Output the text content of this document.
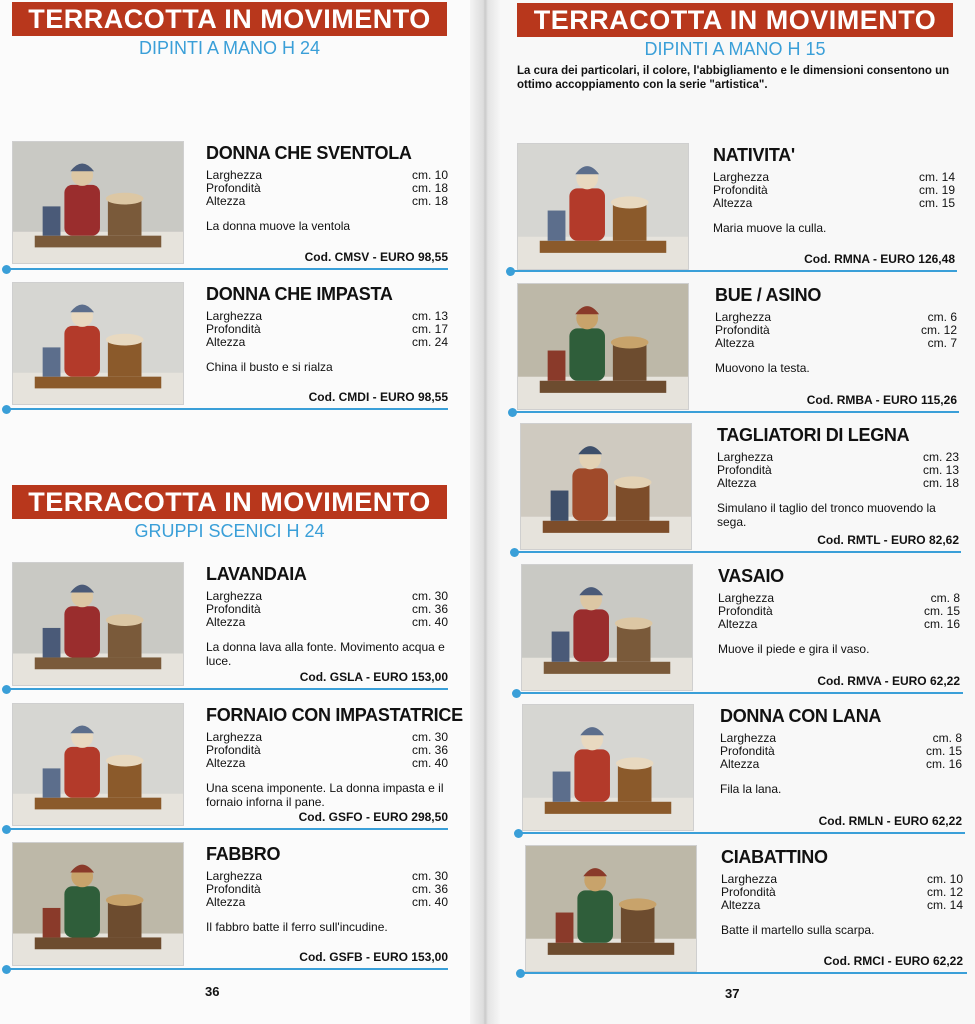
TERRACOTTA IN MOVIMENTO
DIPINTI A MANO H 24
DONNA CHE SVENTOLA
Larghezza	cm. 10
Profondità	cm. 18
Altezza	cm. 18
La donna muove la ventola
Cod. CMSV - EURO 98,55
DONNA CHE IMPASTA
Larghezza	cm. 13
Profondità	cm. 17
Altezza	cm. 24
China il busto e si rialza
Cod. CMDI - EURO 98,55
TERRACOTTA IN MOVIMENTO
GRUPPI SCENICI H 24
LAVANDAIA
Larghezza	cm. 30
Profondità	cm. 36
Altezza	cm. 40
La donna lava alla fonte. Movimento acqua e luce.
Cod. GSLA - EURO 153,00
FORNAIO CON IMPASTATRICE
Larghezza	cm. 30
Profondità	cm. 36
Altezza	cm. 40
Una scena imponente. La donna impasta e il fornaio inforna il pane.
Cod. GSFO - EURO 298,50
FABBRO
Larghezza	cm. 30
Profondità	cm. 36
Altezza	cm. 40
Il fabbro batte il ferro sull'incudine.
Cod. GSFB - EURO 153,00
36
TERRACOTTA IN MOVIMENTO
DIPINTI A MANO H 15
La cura dei particolari, il colore, l'abbigliamento e le dimensioni consentono un ottimo accoppiamento con la serie "artistica".
NATIVITA'
Larghezza	cm. 14
Profondità	cm. 19
Altezza	cm. 15
Maria muove la culla.
Cod. RMNA - EURO 126,48
BUE / ASINO
Larghezza	cm. 6
Profondità	cm. 12
Altezza	cm. 7
Muovono la testa.
Cod. RMBA - EURO 115,26
TAGLIATORI DI LEGNA
Larghezza	cm. 23
Profondità	cm. 13
Altezza	cm. 18
Simulano il taglio del tronco muovendo la sega.
Cod. RMTL - EURO 82,62
VASAIO
Larghezza	cm. 8
Profondità	cm. 15
Altezza	cm. 16
Muove il piede e gira il vaso.
Cod. RMVA - EURO 62,22
DONNA CON LANA
Larghezza	cm. 8
Profondità	cm. 15
Altezza	cm. 16
Fila la lana.
Cod. RMLN - EURO 62,22
CIABATTINO
Larghezza	cm. 10
Profondità	cm. 12
Altezza	cm. 14
Batte il martello sulla scarpa.
Cod. RMCI - EURO 62,22
37
